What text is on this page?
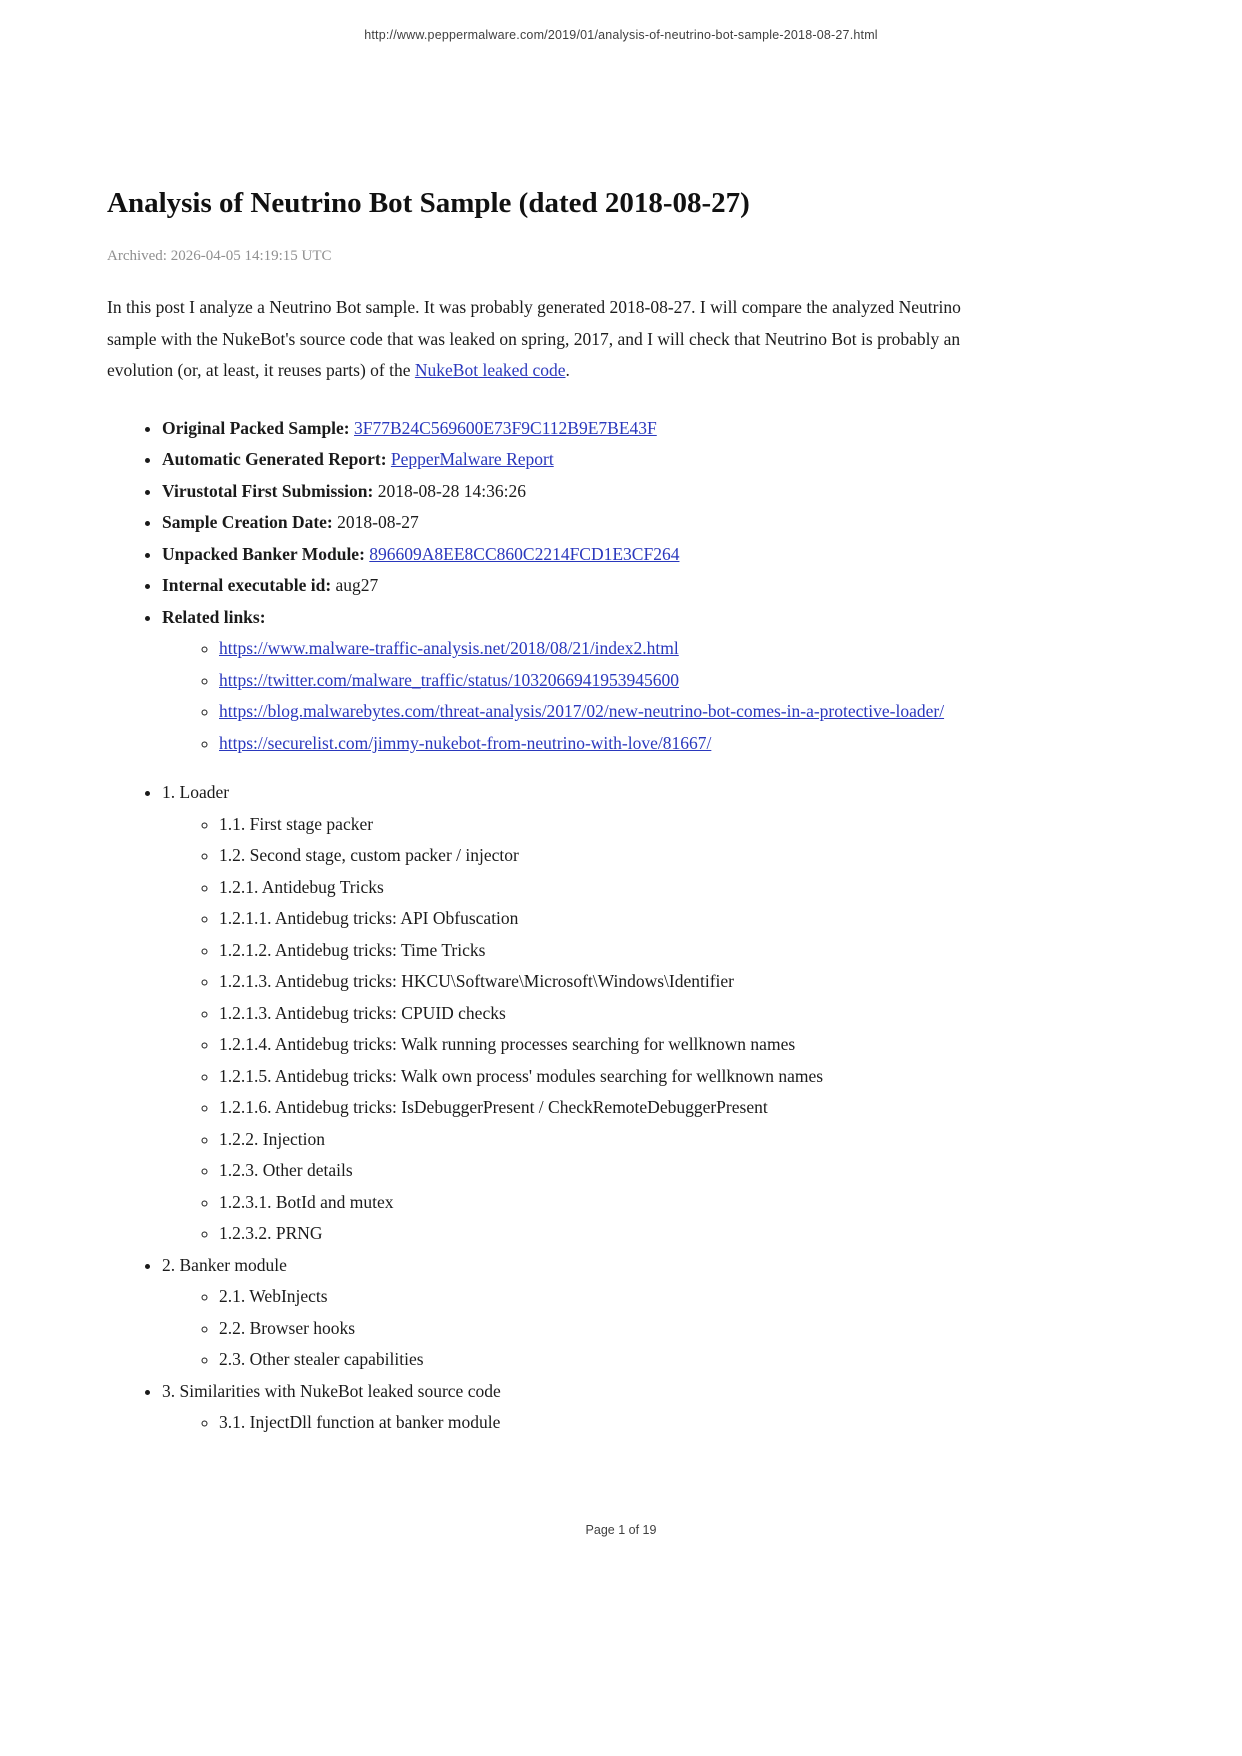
http://www.peppermalware.com/2019/01/analysis-of-neutrino-bot-sample-2018-08-27.html
Analysis of Neutrino Bot Sample (dated 2018-08-27)
Archived: 2026-04-05 14:19:15 UTC

In this post I analyze a Neutrino Bot sample. It was probably generated 2018-08-27. I will compare the analyzed Neutrino sample with the NukeBot's source code that was leaked on spring, 2017, and I will check that Neutrino Bot is probably an evolution (or, at least, it reuses parts) of the NukeBot leaked code.

• Original Packed Sample: 3F77B24C569600E73F9C112B9E7BE43F
• Automatic Generated Report: PepperMalware Report
• Virustotal First Submission: 2018-08-28 14:36:26
• Sample Creation Date: 2018-08-27
• Unpacked Banker Module: 896609A8EE8CC860C2214FCD1E3CF264
• Internal executable id: aug27
• Related links:
◦ https://www.malware-traffic-analysis.net/2018/08/21/index2.html
◦ https://twitter.com/malware_traffic/status/1032066941953945600
◦ https://blog.malwarebytes.com/threat-analysis/2017/02/new-neutrino-bot-comes-in-a-protective-loader/
◦ https://securelist.com/jimmy-nukebot-from-neutrino-with-love/81667/
• 1. Loader
◦ 1.1. First stage packer
◦ 1.2. Second stage, custom packer / injector
◦ 1.2.1. Antidebug Tricks
◦ 1.2.1.1. Antidebug tricks: API Obfuscation
◦ 1.2.1.2. Antidebug tricks: Time Tricks
◦ 1.2.1.3. Antidebug tricks: HKCU\Software\Microsoft\Windows\Identifier
◦ 1.2.1.3. Antidebug tricks: CPUID checks
◦ 1.2.1.4. Antidebug tricks: Walk running processes searching for wellknown names
◦ 1.2.1.5. Antidebug tricks: Walk own process' modules searching for wellknown names
◦ 1.2.1.6. Antidebug tricks: IsDebuggerPresent / CheckRemoteDebuggerPresent
◦ 1.2.2. Injection
◦ 1.2.3. Other details
◦ 1.2.3.1. BotId and mutex
◦ 1.2.3.2. PRNG
• 2. Banker module
◦ 2.1. WebInjects
◦ 2.2. Browser hooks
◦ 2.3. Other stealer capabilities
• 3. Similarities with NukeBot leaked source code
◦ 3.1. InjectDll function at banker module
Page 1 of 19
